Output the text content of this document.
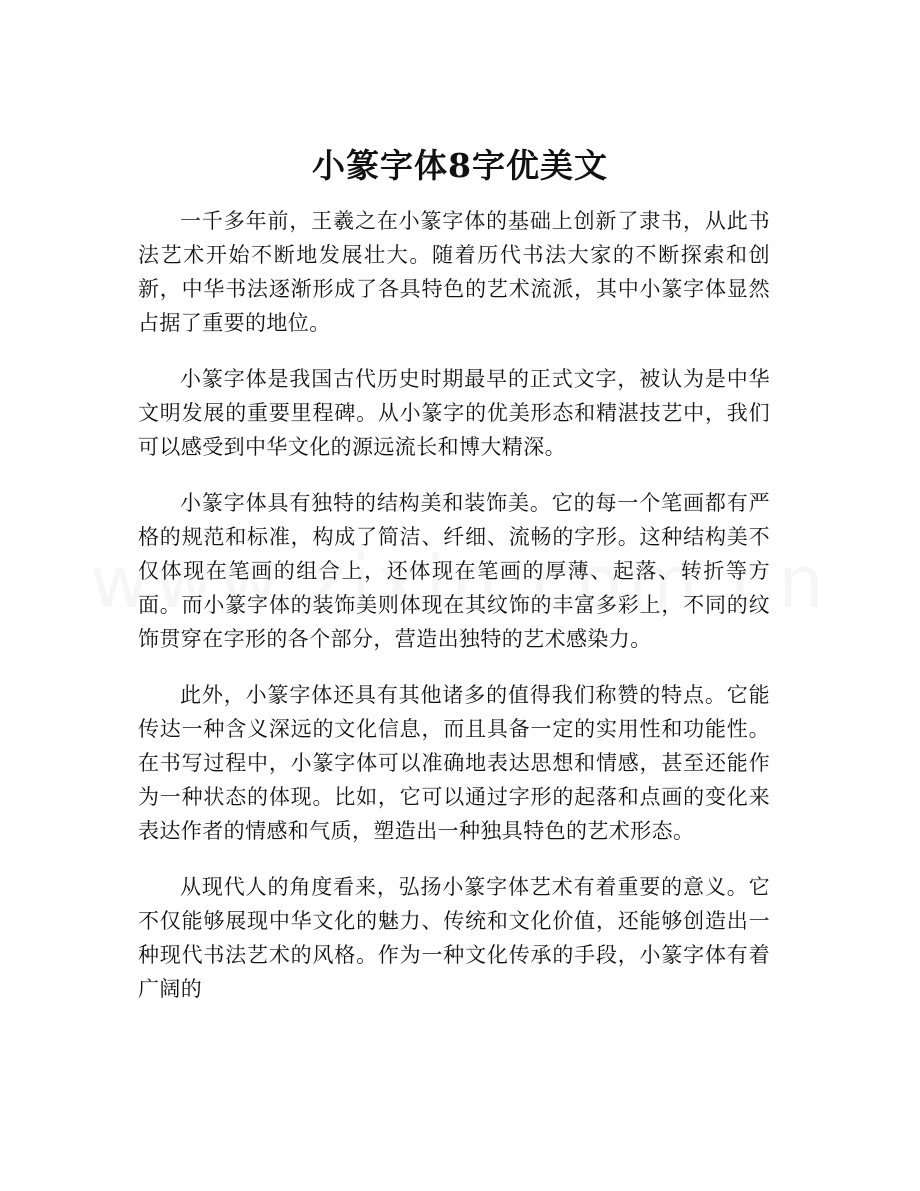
小篆字体8字优美文

一千多年前，王羲之在小篆字体的基础上创新了隶书，从此书法艺术开始不断地发展壮大。随着历代书法大家的不断探索和创新，中华书法逐渐形成了各具特色的艺术流派，其中小篆字体显然占据了重要的地位。

小篆字体是我国古代历史时期最早的正式文字，被认为是中华文明发展的重要里程碑。从小篆字的优美形态和精湛技艺中，我们可以感受到中华文化的源远流长和博大精深。

小篆字体具有独特的结构美和装饰美。它的每一个笔画都有严格的规范和标准，构成了简洁、纤细、流畅的字形。这种结构美不仅体现在笔画的组合上，还体现在笔画的厚薄、起落、转折等方面。而小篆字体的装饰美则体现在其纹饰的丰富多彩上，不同的纹饰贯穿在字形的各个部分，营造出独特的艺术感染力。

此外，小篆字体还具有其他诸多的值得我们称赞的特点。它能传达一种含义深远的文化信息，而且具备一定的实用性和功能性。在书写过程中，小篆字体可以准确地表达思想和情感，甚至还能作为一种状态的体现。比如，它可以通过字形的起落和点画的变化来表达作者的情感和气质，塑造出一种独具特色的艺术形态。

从现代人的角度看来，弘扬小篆字体艺术有着重要的意义。它不仅能够展现中华文化的魅力、传统和文化价值，还能够创造出一种现代书法艺术的风格。作为一种文化传承的手段，小篆字体有着广阔的
